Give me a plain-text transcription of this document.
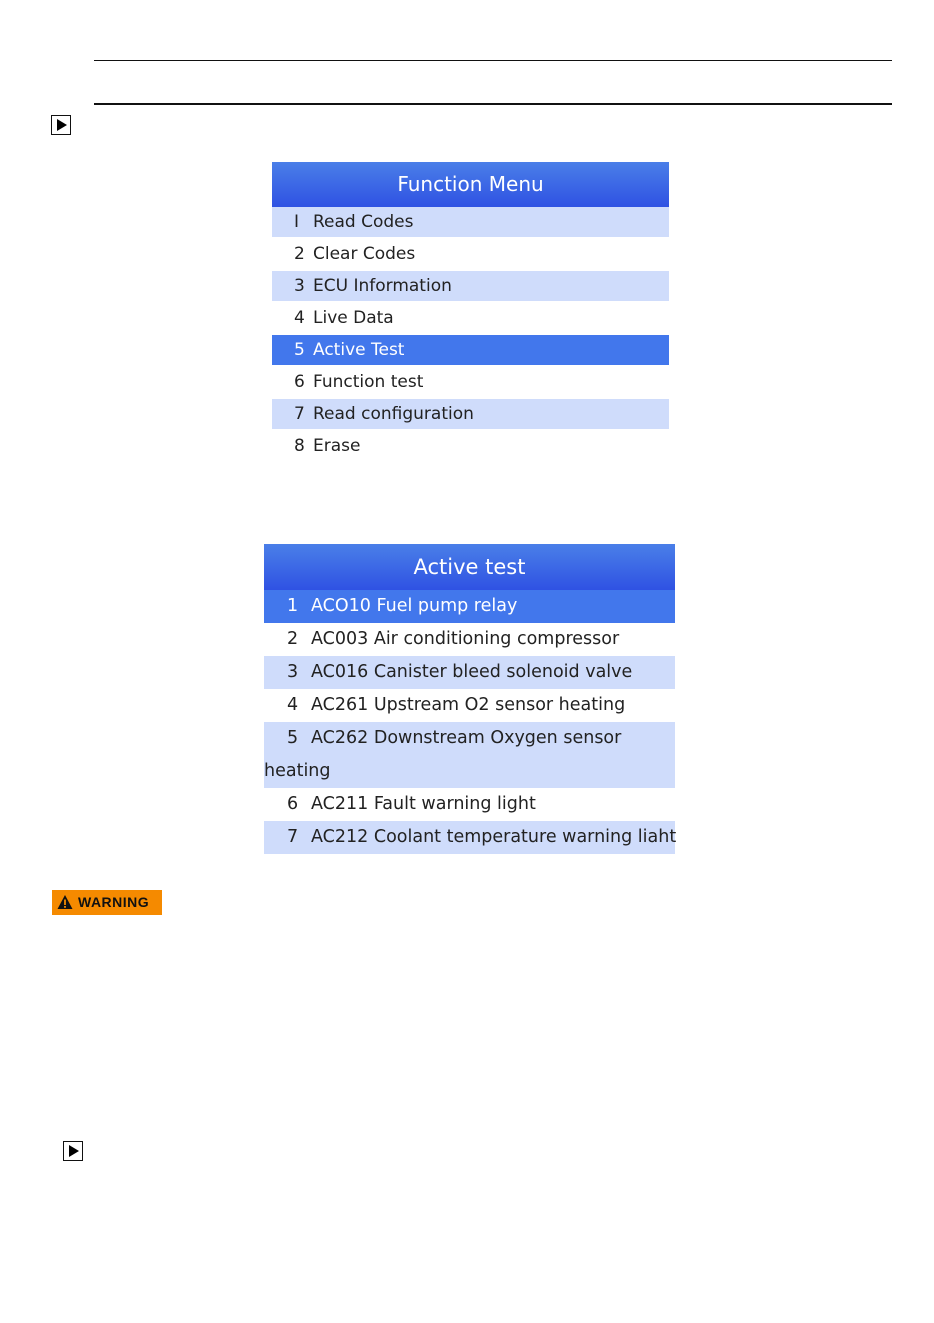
Function Menu
I Read Codes
2 Clear Codes
3 ECU Information
4 Live Data
5 Active Test
6 Function test
7 Read configuration
8 Erase
Active test
1 ACO10 Fuel pump relay
2 AC003 Air conditioning compressor
3 AC016 Canister bleed solenoid valve
4 AC261 Upstream O2 sensor heating
5 AC262 Downstream Oxygen sensor
heating
6 AC211 Fault warning light
7 AC212 Coolant temperature warning liaht
WARNING
